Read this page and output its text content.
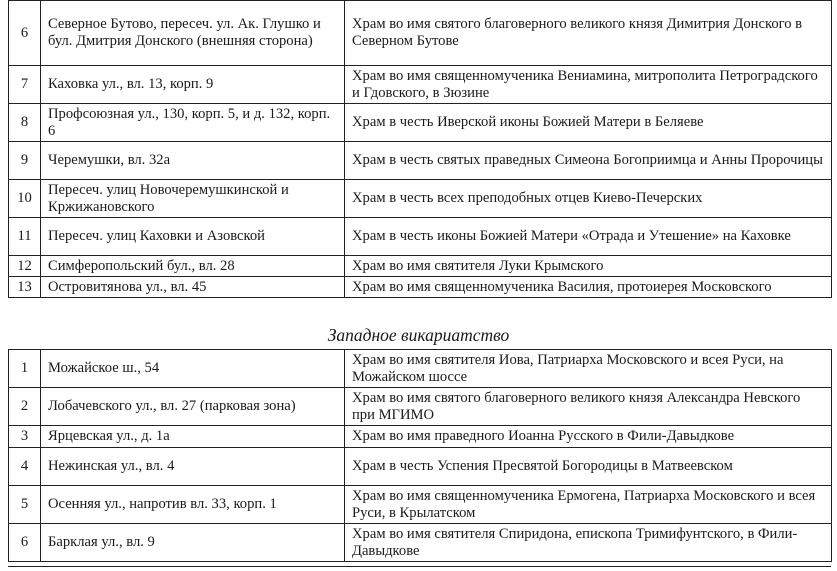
6	Северное Бутово, пересеч. ул. Ак. Глушко и бул. Дмитрия Донского (внешняя сторона)	Храм во имя святого благоверного великого князя Димитрия Донского в Северном Бутове
7	Каховка ул., вл. 13, корп. 9	Храм во имя священномученика Вениамина, митрополита Петроградского и Гдовского, в Зюзине
8	Профсоюзная ул., 130, корп. 5, и д. 132, корп. 6	Храм в честь Иверской иконы Божией Матери в Беляеве
9	Черемушки, вл. 32а	Храм в честь святых праведных Симеона Богоприимца и Анны Пророчицы
10	Пересеч. улиц Новочеремушкинской и Кржижановского	Храм в честь всех преподобных отцев Киево-Печерских
11	Пересеч. улиц Каховки и Азовской	Храм в честь иконы Божией Матери «Отрада и Утешение» на Каховке
12	Симферопольский бул., вл. 28	Храм во имя святителя Луки Крымского
13	Островитянова ул., вл. 45	Храм во имя священномученика Василия, протоиерея Московского
Западное викариатство
1	Можайское ш., 54	Храм во имя святителя Иова, Патриарха Московского и всея Руси, на Можайском шоссе
2	Лобачевского ул., вл. 27 (парковая зона)	Храм во имя святого благоверного великого князя Александра Невского при МГИМО
3	Ярцевская ул., д. 1а	Храм во имя праведного Иоанна Русского в Фили-Давыдкове
4	Нежинская ул., вл. 4	Храм в честь Успения Пресвятой Богородицы в Матвеевском
5	Осенняя ул., напротив вл. 33, корп. 1	Храм во имя священномученика Ермогена, Патриарха Московского и всея Руси, в Крылатском
6	Барклая ул., вл. 9	Храм во имя святителя Спиридона, епископа Тримифунтского, в Фили-Давыдкове
